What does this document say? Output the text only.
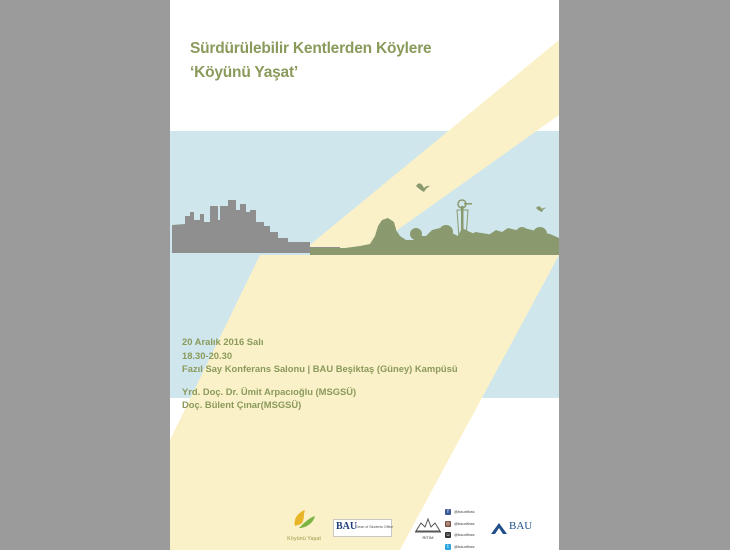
Sürdürülebilir Kentlerden Köylere
‘Köyünü Yaşat’
20 Aralık 2016 Salı
18.30-20.30
Fazıl Say Konferans Salonu | BAU Beşiktaş (Güney) Kampüsü
Yrd. Doç. Dr. Ümit Arpacıoğlu (MSGSÜ)
Doç. Bülent Çınar(MSGSÜ)
Köyünü Yaşat
BAU
Dean of Students Office
RİTİM
f	@baurithas
◎ @baurithas
☺ @baurithas
t	@baurithas
BAU
